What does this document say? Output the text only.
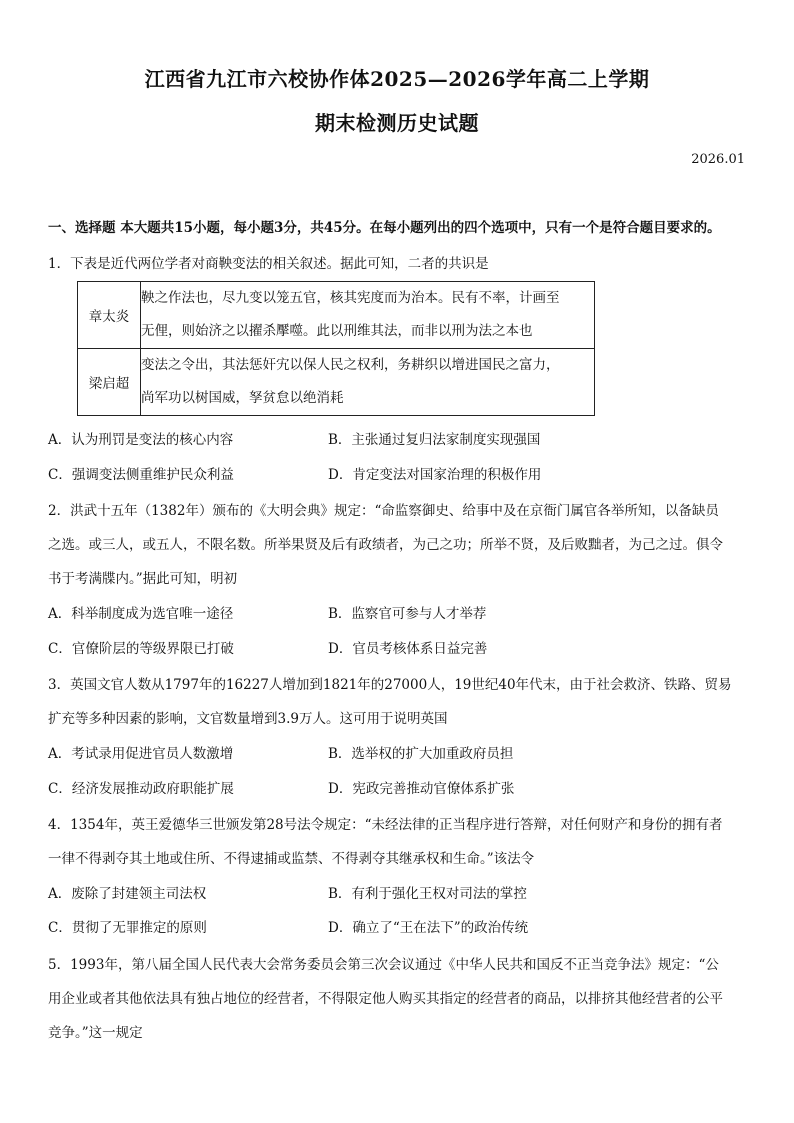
江西省九江市六校协作体2025—2026学年高二上学期
期末检测历史试题
2026.01
一、选择题 本大题共15小题，每小题3分，共45分。在每小题列出的四个选项中，只有一个是符合题目要求的。
1．下表是近代两位学者对商鞅变法的相关叙述。据此可知，二者的共识是
章太炎	鞅之作法也，尽九变以笼五官，核其宪度而为治本。民有不率，计画至
无俚，则始济之以擢杀擪噬。此以刑维其法，而非以刑为法之本也

梁启超	变法之令出，其法惩奸宄以保人民之权利，务耕织以增进国民之富力，
尚军功以树国威，孥贫怠以绝消耗
A．认为刑罚是变法的核心内容	B．主张通过复归法家制度实现强国
C．强调变法侧重维护民众利益	D．肯定变法对国家治理的积极作用
2．洪武十五年（1382年）颁布的《大明会典》规定：“命监察御史、给事中及在京衙门属官各举所知，以备缺员
之选。或三人，或五人，不限名数。所举果贤及后有政绩者，为己之功；所举不贤，及后败黜者，为己之过。俱令
书于考满牒内。”据此可知，明初
A．科举制度成为选官唯一途径	B．监察官可参与人才举荐
C．官僚阶层的等级界限已打破	D．官员考核体系日益完善
3．英国文官人数从1797年的16227人增加到1821年的27000人，19世纪40年代末，由于社会救济、铁路、贸易
扩充等多种因素的影响，文官数量增到3.9万人。这可用于说明英国
A．考试录用促进官员人数激增	B．选举权的扩大加重政府员担
C．经济发展推动政府职能扩展	D．宪政完善推动官僚体系扩张
4．1354年，英王爱德华三世颁发第28号法令规定：“未经法律的正当程序进行答辩，对任何财产和身份的拥有者
一律不得剥夺其土地或住所、不得逮捕或监禁、不得剥夺其继承权和生命。”该法令
A．废除了封建领主司法权	B．有利于强化王权对司法的掌控
C．贯彻了无罪推定的原则	D．确立了“王在法下”的政治传统
5．1993年，第八届全国人民代表大会常务委员会第三次会议通过《中华人民共和国反不正当竞争法》规定：“公
用企业或者其他依法具有独占地位的经营者，不得限定他人购买其指定的经营者的商品，以排挤其他经营者的公平
竞争。”这一规定
